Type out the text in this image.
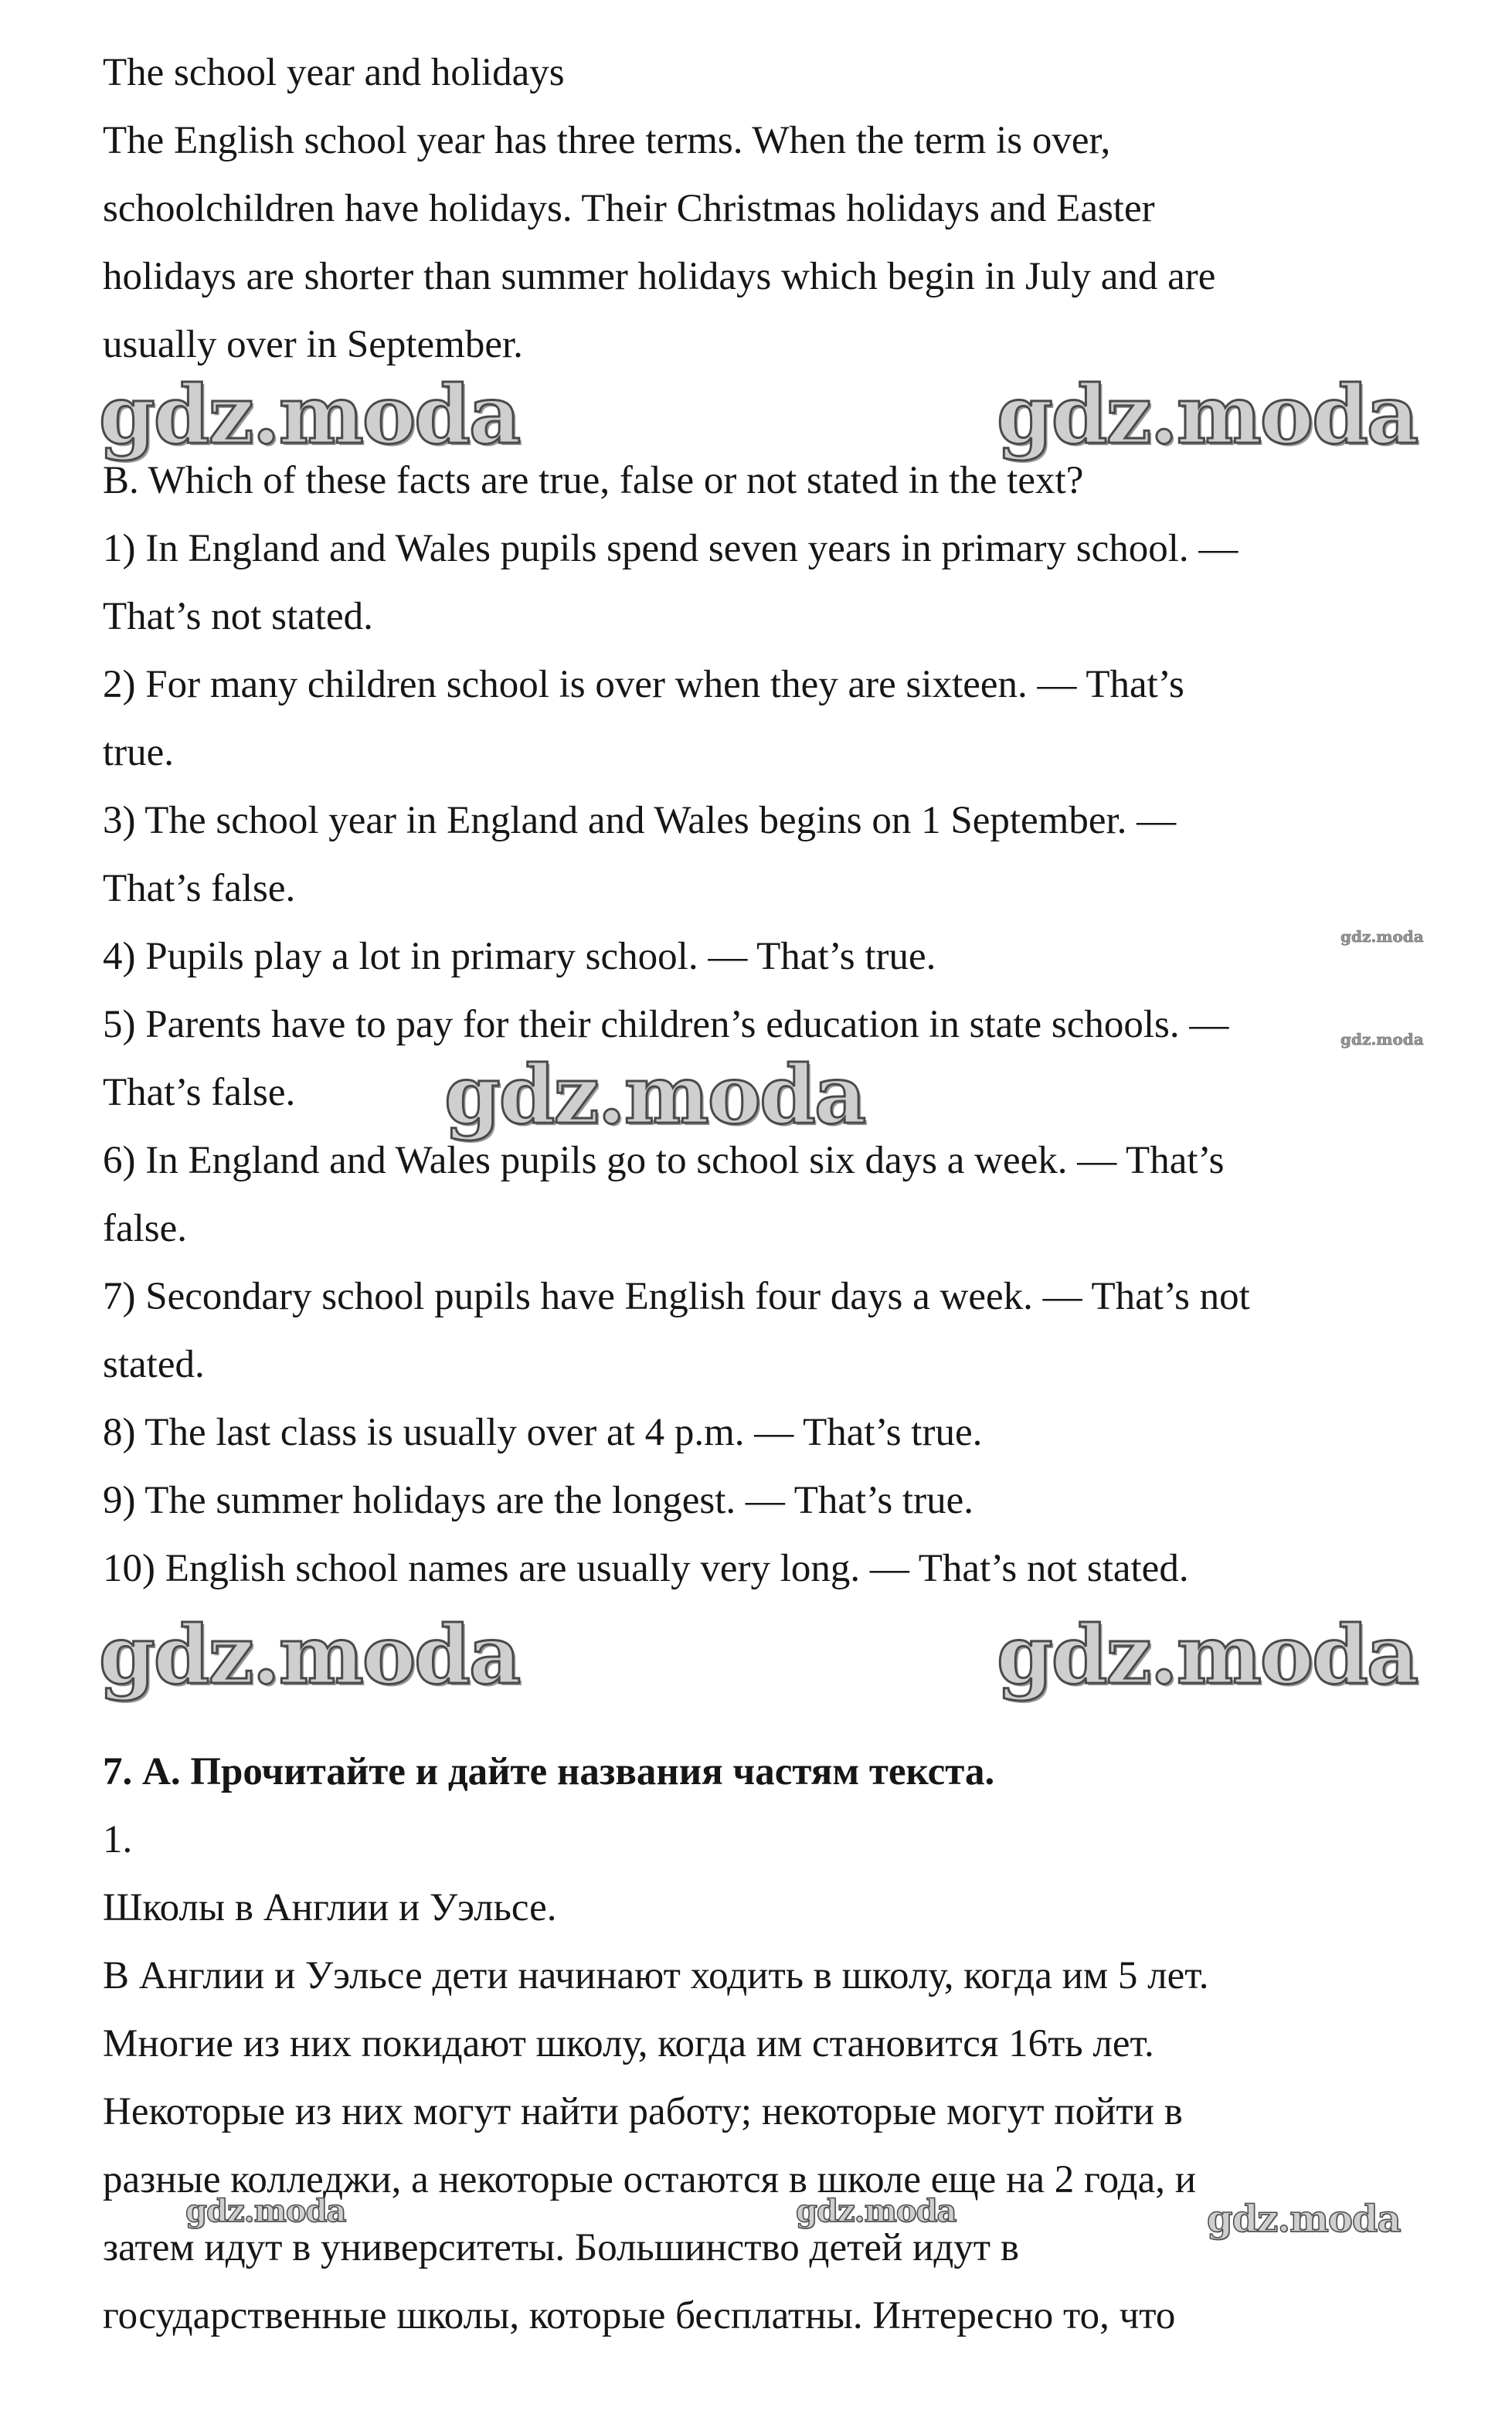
The school year and holidays

The English school year has three terms. When the term is over,

schoolchildren have holidays. Their Christmas holidays and Easter

holidays are shorter than summer holidays which begin in July and are

usually over in September.

B. Which of these facts are true, false or not stated in the text?

1) In England and Wales pupils spend seven years in primary school. —

That’s not stated.

2) For many children school is over when they are sixteen. — That’s

true.

3) The school year in England and Wales begins on 1 September. —

That’s false.

4) Pupils play a lot in primary school. — That’s true.

5) Parents have to pay for their children’s education in state schools. —

That’s false.

6) In England and Wales pupils go to school six days a week. — That’s

false.

7) Secondary school pupils have English four days a week. — That’s not

stated.

8) The last class is usually over at 4 p.m. — That’s true.

9) The summer holidays are the longest. — That’s true.

10) English school names are usually very long. — That’s not stated.

7. А. Прочитайте и дайте названия частям текста.

1.

Школы в Англии и Уэльсе.

В Англии и Уэльсе дети начинают ходить в школу, когда им 5 лет.

Многие из них покидают школу, когда им становится 16ть лет.

Некоторые из них могут найти работу; некоторые могут пойти в

разные колледжи, а некоторые остаются в школе еще на 2 года, и

затем идут в университеты. Большинство детей идут в

государственные школы, которые бесплатны. Интересно то, что

gdz.moda	gdz.moda
gdz.moda
gdz.moda
gdz.moda
gdz.moda	gdz.moda
gdz.moda	gdz.moda	gdz.moda
